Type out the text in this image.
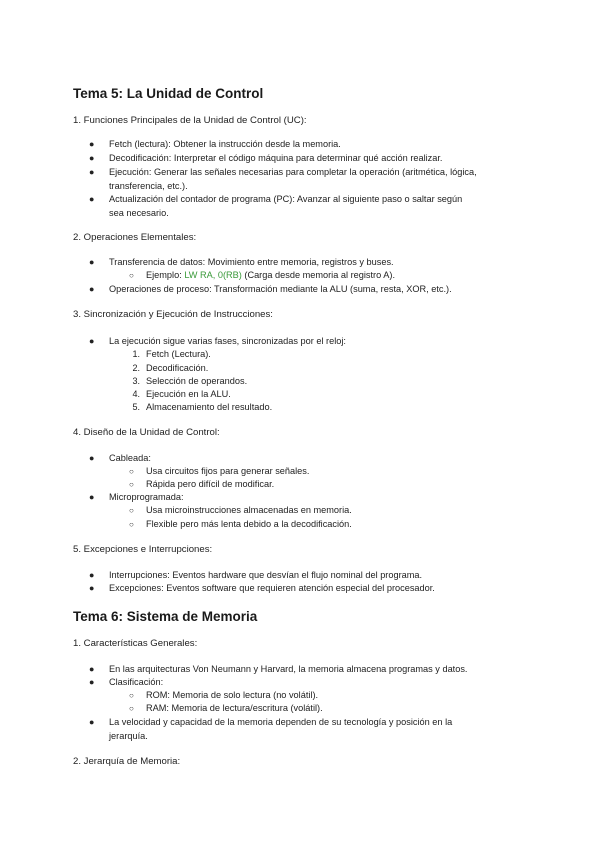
Tema 5: La Unidad de Control

1. Funciones Principales de la Unidad de Control (UC):

● Fetch (lectura): Obtener la instrucción desde la memoria.
● Decodificación: Interpretar el código máquina para determinar qué acción realizar.
● Ejecución: Generar las señales necesarias para completar la operación (aritmética, lógica,
transferencia, etc.).
● Actualización del contador de programa (PC): Avanzar al siguiente paso o saltar según
sea necesario.

2. Operaciones Elementales:

● Transferencia de datos: Movimiento entre memoria, registros y buses.
○ Ejemplo: LW RA, 0(RB) (Carga desde memoria al registro A).
● Operaciones de proceso: Transformación mediante la ALU (suma, resta, XOR, etc.).

3. Sincronización y Ejecución de Instrucciones:

● La ejecución sigue varias fases, sincronizadas por el reloj:
1. Fetch (Lectura).
2. Decodificación.
3. Selección de operandos.
4. Ejecución en la ALU.
5. Almacenamiento del resultado.

4. Diseño de la Unidad de Control:

● Cableada:
○ Usa circuitos fijos para generar señales.
○ Rápida pero difícil de modificar.
● Microprogramada:
○ Usa microinstrucciones almacenadas en memoria.
○ Flexible pero más lenta debido a la decodificación.

5. Excepciones e Interrupciones:

● Interrupciones: Eventos hardware que desvían el flujo nominal del programa.
● Excepciones: Eventos software que requieren atención especial del procesador.
Tema 6: Sistema de Memoria

1. Características Generales:

● En las arquitecturas Von Neumann y Harvard, la memoria almacena programas y datos.
● Clasificación:
○ ROM: Memoria de solo lectura (no volátil).
○ RAM: Memoria de lectura/escritura (volátil).
● La velocidad y capacidad de la memoria dependen de su tecnología y posición en la
jerarquía.

2. Jerarquía de Memoria:
